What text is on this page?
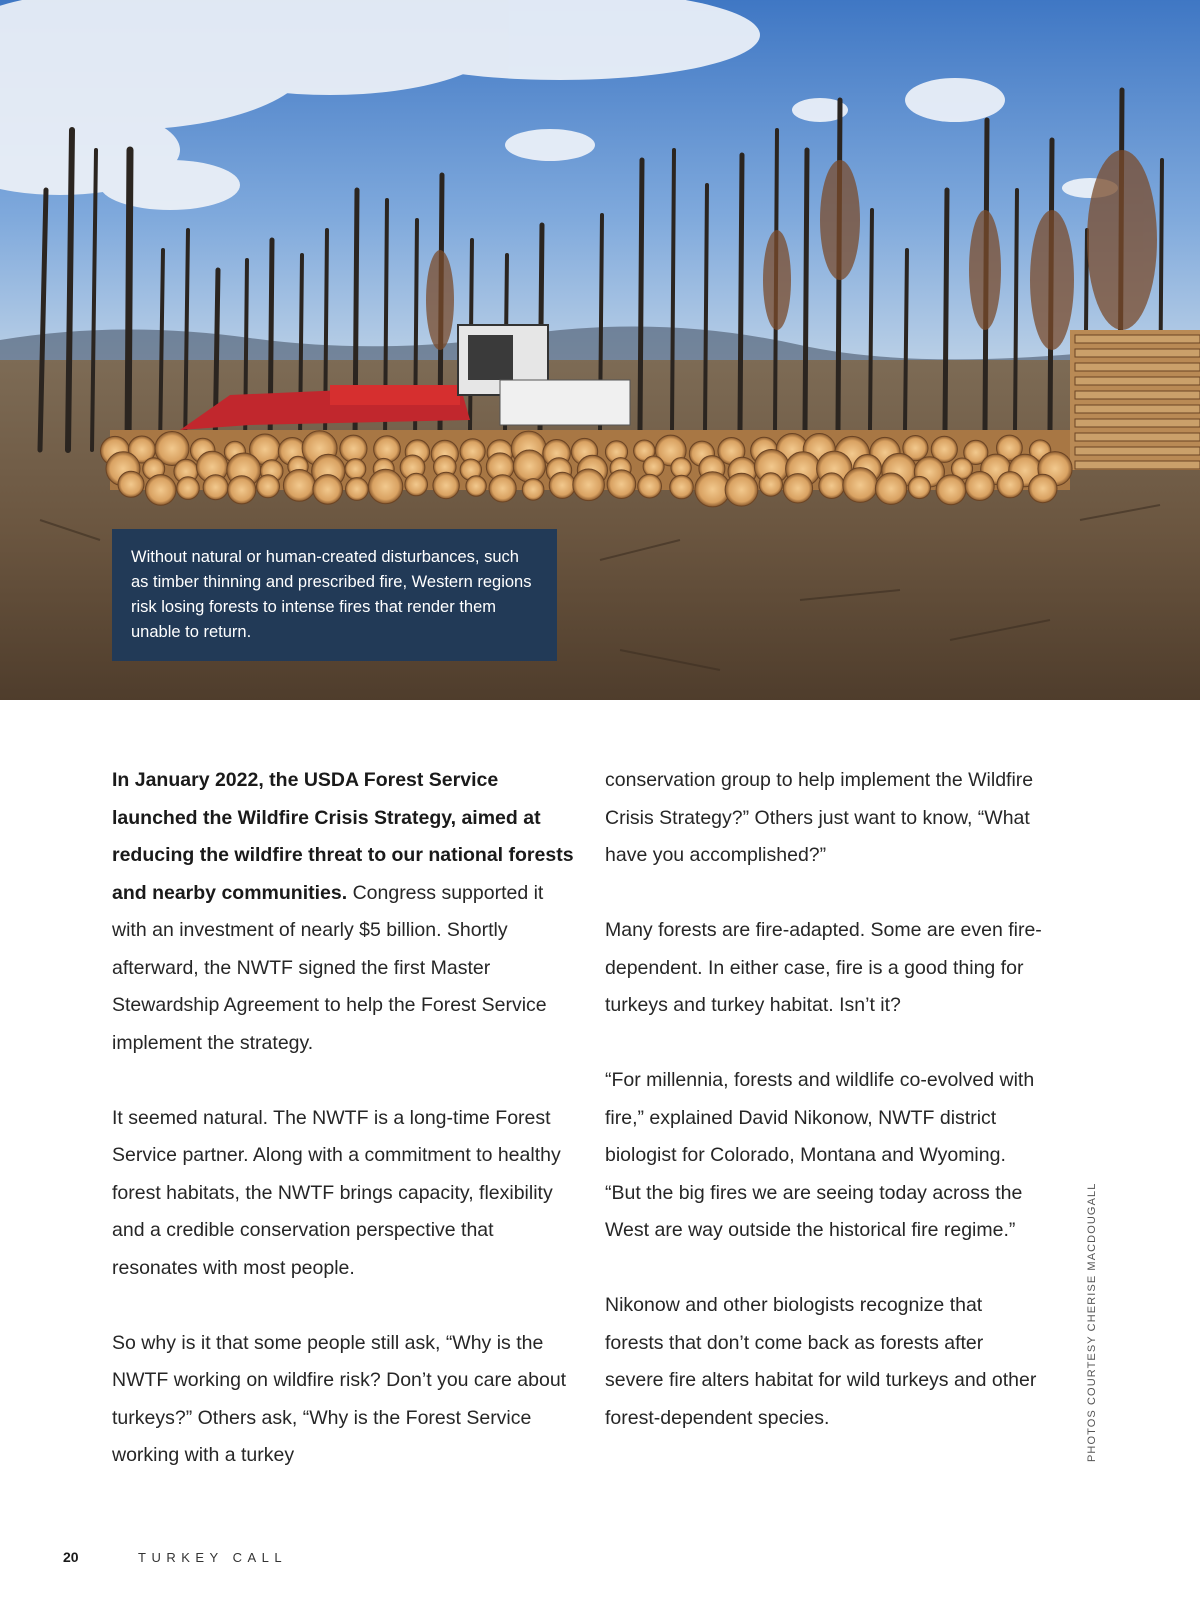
Without natural or human-created disturbances, such as timber thinning and prescribed fire, Western regions risk losing forests to intense fires that render them unable to return.

In January 2022, the USDA Forest Service launched the Wildfire Crisis Strategy, aimed at reducing the wildfire threat to our national forests and nearby communities. Congress supported it with an investment of nearly $5 billion. Shortly afterward, the NWTF signed the first Master Stewardship Agreement to help the Forest Service implement the strategy.

It seemed natural. The NWTF is a long-time Forest Service partner. Along with a commitment to healthy forest habitats, the NWTF brings capacity, flexibility and a credible conservation perspective that resonates with most people.

So why is it that some people still ask, “Why is the NWTF working on wildfire risk? Don’t you care about turkeys?” Others ask, “Why is the Forest Service working with a turkey

conservation group to help implement the Wildfire Crisis Strategy?” Others just want to know, “What have you accomplished?”

Many forests are fire-adapted. Some are even fire-dependent. In either case, fire is a good thing for turkeys and turkey habitat. Isn’t it?

“For millennia, forests and wildlife co-evolved with fire,” explained David Nikonow, NWTF district biologist for Colorado, Montana and Wyoming. “But the big fires we are seeing today across the West are way outside the historical fire regime.”

Nikonow and other biologists recognize that forests that don’t come back as forests after severe fire alters habitat for wild turkeys and other forest-dependent species.	PHOTOS COURTESY CHERISE MACDOUGALL
20	TURKEY CALL
